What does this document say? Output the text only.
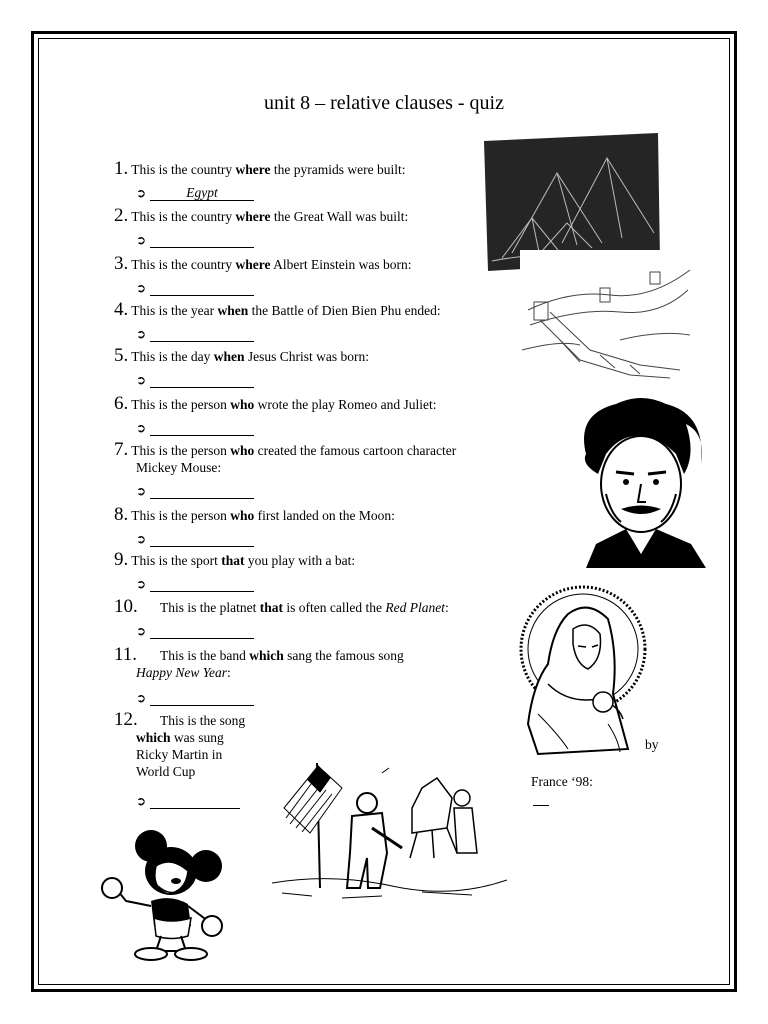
unit 8 – relative clauses - quiz
1. This is the country where the pyramids were built:
➲	Egypt
2. This is the country where the Great Wall was built:
➲
3. This is the country where Albert Einstein was born:
➲
4. This is the year when the Battle of Dien Bien Phu ended:
➲
5. This is the day when Jesus Christ was born:
➲
6. This is the person who wrote the play Romeo and Juliet:
➲
7. This is the person who created the famous cartoon character
Mickey Mouse:
➲
8. This is the person who first landed on the Moon:
➲
9. This is the sport that you play with a bat:
➲
10. This is the platnet that is often called the Red Planet:
➲
11. This is the band which sang the famous song
Happy New Year:
➲
12. This is the song
which was sung
Ricky Martin in
World Cup
by
France ‘98:
➲
